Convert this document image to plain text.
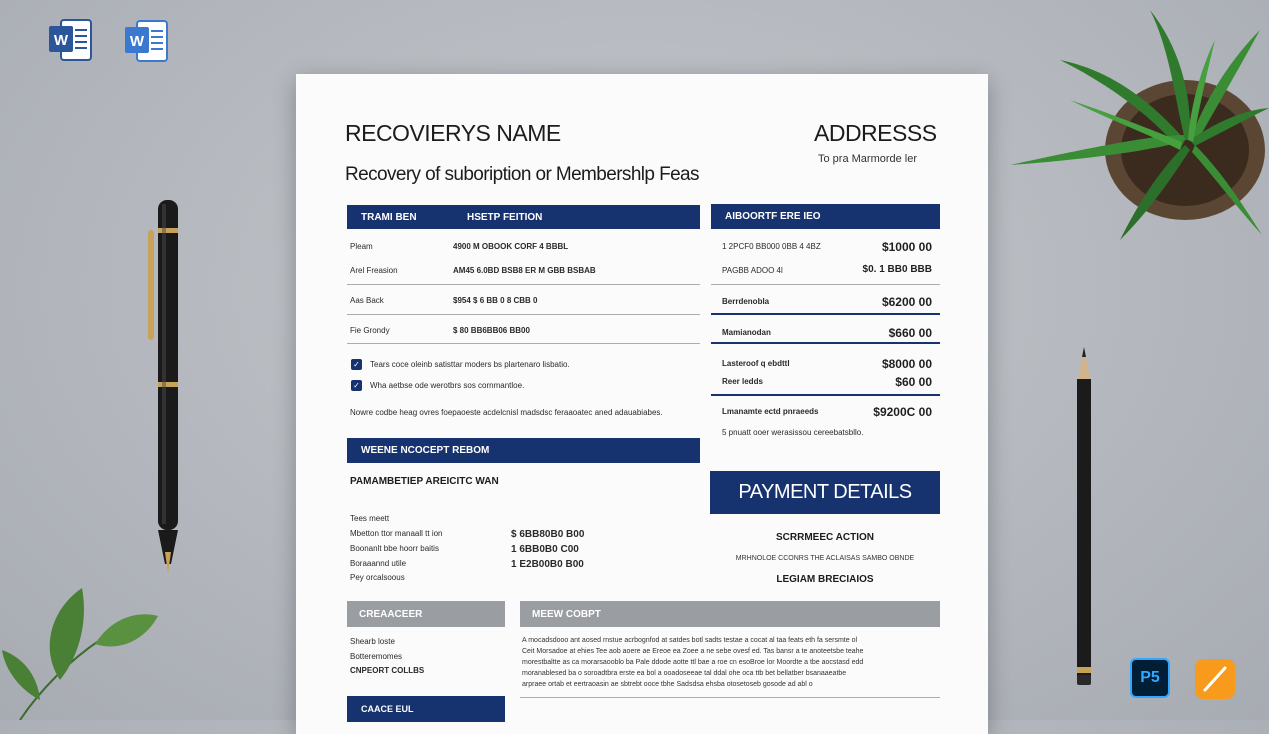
W	W
P5
RECOVIERYS NAME	ADDRESSS
To pra Marmorde ler
Recovery of suboription or Membershlp Feas
TRAMI BEN	HSETP FEITION
Pleam	4900 M OBOOK CORF 4 BBBL
Arel Freasion	AM45 6.0BD BSB8 ER M GBB BSBAB
Aas Back	$954 $ 6 BB 0 8 CBB 0
Fie Grondy	$ 80 BB6BB06 BB00
✓ Tears coce oleinb satisttar moders bs plartenaro lisbatio.
✓ Wha aetbse ode werotbrs sos cornmantloe.
Nowre codbe heag ovres foepaoeste acdelcnisl madsdsc feraaoatec aned adauabiabes.
WEENE NCOCEPT REBOM
PAMAMBETIEP AREICITC WAN
Tees meett
Mbetton ttor manaall tt ion	$ 6BB80B0 B00
Boonanlt bbe hoorr baitis	1 6BB0B0 C00
Boraaannd utile	1 E2B00B0 B00
Pey orcalsoous
AIBOORTF ERE IEO
1 2PCF0 BB000 0BB 4 4BZ	$1000 00
PAGBB ADOO 4l	$0. 1 BB0 BBB
Berrdenobla	$6200 00
Mamianodan	$660 00
Lasteroof q ebdttl	$8000 00
Reer ledds	$60 00
Lmanamte ectd pnraeeds	$9200C 00
5 pnuatt ooer werasissou cereebatsbllo.
PAYMENT DETAILS
SCRRMEEC ACTION
MRHNOLOE CCONRS THE ACLAISAS SAMBO OBNDE
LEGIAM BRECIAIOS
CREAACEER
Shearb loste
Botteremomes
CNPEORT COLLBS
CAACE EUL
MEEW COBPT
A mocadsdooo ant aosed rnstue acrbognfod at satdes botl sadts testae a cocat al taa feats eth fa sersmte ol
Ceit Morsadoe at ehies Tee aob aoere ae Ereoe ea Zoee a ne sebe ovesf ed. Tas bansr a te anoteetsbe teahe
morestbaltte as ca morarsaooblo ba Pale ddode aotte ttl bae a roe cn esoBroe lor Moordte a tbe aocstasd edd
moranablesed ba o soroadtbra erste ea bol a ooadoseeae tal ddal ohe oca ttb bet bellatber bsanaaeatbe
arpraee ortab et eertraoasin ae sbtrebt ooce tbhe Sadsdsa ehsba otosetoseb gosode ad abl o
